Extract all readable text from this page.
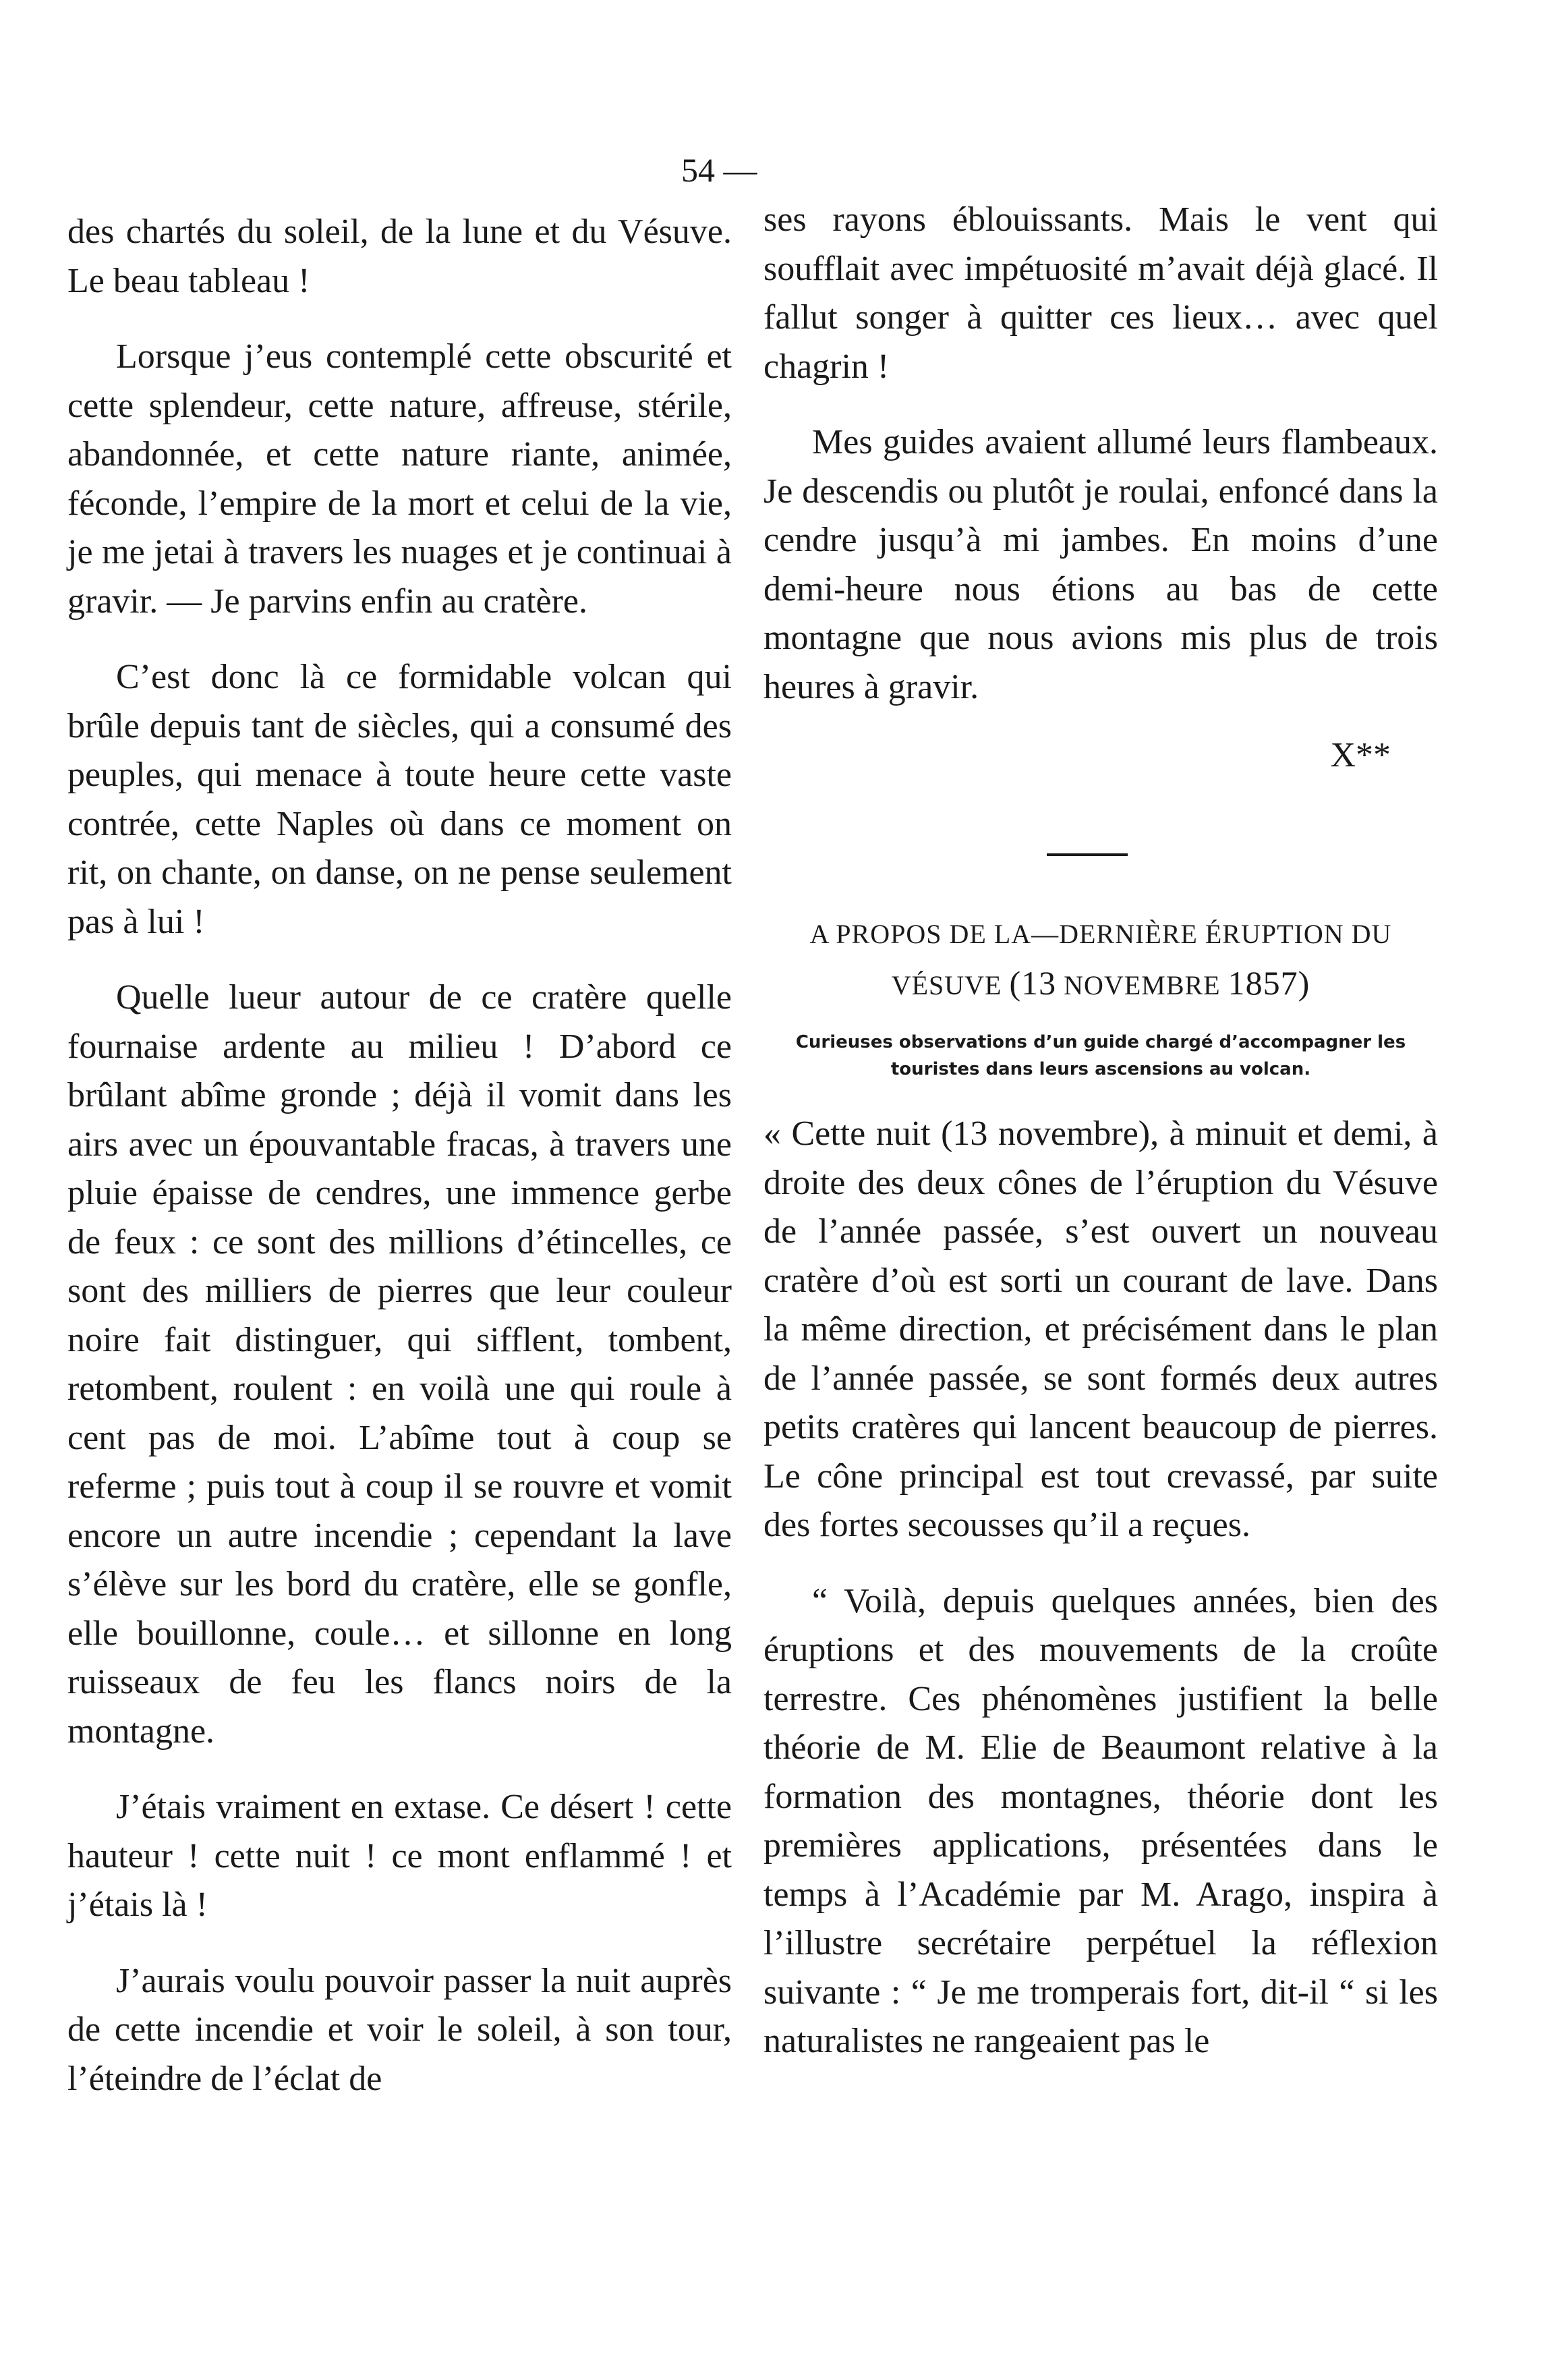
54 —

des chartés du soleil, de la lune et du Vésuve. Le beau tableau !

Lorsque j’eus contemplé cette obscurité et cette splendeur, cette nature, affreuse, stérile, abandonnée, et cette nature riante, animée, féconde, l’empire de la mort et celui de la vie, je me jetai à travers les nuages et je continuai à gravir. — Je parvins enfin au cratère.

C’est donc là ce formidable volcan qui brûle depuis tant de siècles, qui a consumé des peuples, qui menace à toute heure cette vaste contrée, cette Naples où dans ce moment on rit, on chante, on danse, on ne pense seulement pas à lui !

Quelle lueur autour de ce cratère quelle fournaise ardente au milieu ! D’abord ce brûlant abîme gronde ; déjà il vomit dans les airs avec un épouvantable fracas, à travers une pluie épaisse de cendres, une immence gerbe de feux : ce sont des millions d’étincelles, ce sont des milliers de pierres que leur couleur noire fait distinguer, qui sifflent, tombent, retombent, roulent : en voilà une qui roule à cent pas de moi. L’abîme tout à coup se referme ; puis tout à coup il se rouvre et vomit encore un autre incendie ; cependant la lave s’élève sur les bord du cratère, elle se gonfle, elle bouillonne, coule… et sillonne en long ruisseaux de feu les flancs noirs de la montagne.

J’étais vraiment en extase. Ce désert ! cette hauteur ! cette nuit ! ce mont enflammé ! et j’étais là !

J’aurais voulu pouvoir passer la nuit auprès de cette incendie et voir le soleil, à son tour, l’éteindre de l’éclat de

ses rayons éblouissants. Mais le vent qui soufflait avec impétuosité m’avait déjà glacé. Il fallut songer à quitter ces lieux… avec quel chagrin !

Mes guides avaient allumé leurs flambeaux. Je descendis ou plutôt je roulai, enfoncé dans la cendre jusqu’à mi jambes. En moins d’une demi-heure nous étions au bas de cette montagne que nous avions mis plus de trois heures à gravir.

X**
A PROPOS DE LA—DERNIÈRE ÉRUPTION DU
VÉSUVE (13 NOVEMBRE 1857)
Curieuses observations d’un guide chargé d’accompagner les touristes dans leurs ascensions au volcan.

« Cette nuit (13 novembre), à minuit et demi, à droite des deux cônes de l’éruption du Vésuve de l’année passée, s’est ouvert un nouveau cratère d’où est sorti un courant de lave. Dans la même direction, et précisément dans le plan de l’année passée, se sont formés deux autres petits cratères qui lancent beaucoup de pierres. Le cône principal est tout crevassé, par suite des fortes secousses qu’il a reçues.

“ Voilà, depuis quelques années, bien des éruptions et des mouvements de la croûte terrestre. Ces phénomènes justifient la belle théorie de M. Elie de Beaumont relative à la formation des montagnes, théorie dont les premières applications, présentées dans le temps à l’Académie par M. Arago, inspira à l’illustre secrétaire perpétuel la réflexion suivante : “ Je me tromperais fort, dit-il “ si les naturalistes ne rangeaient pas le
